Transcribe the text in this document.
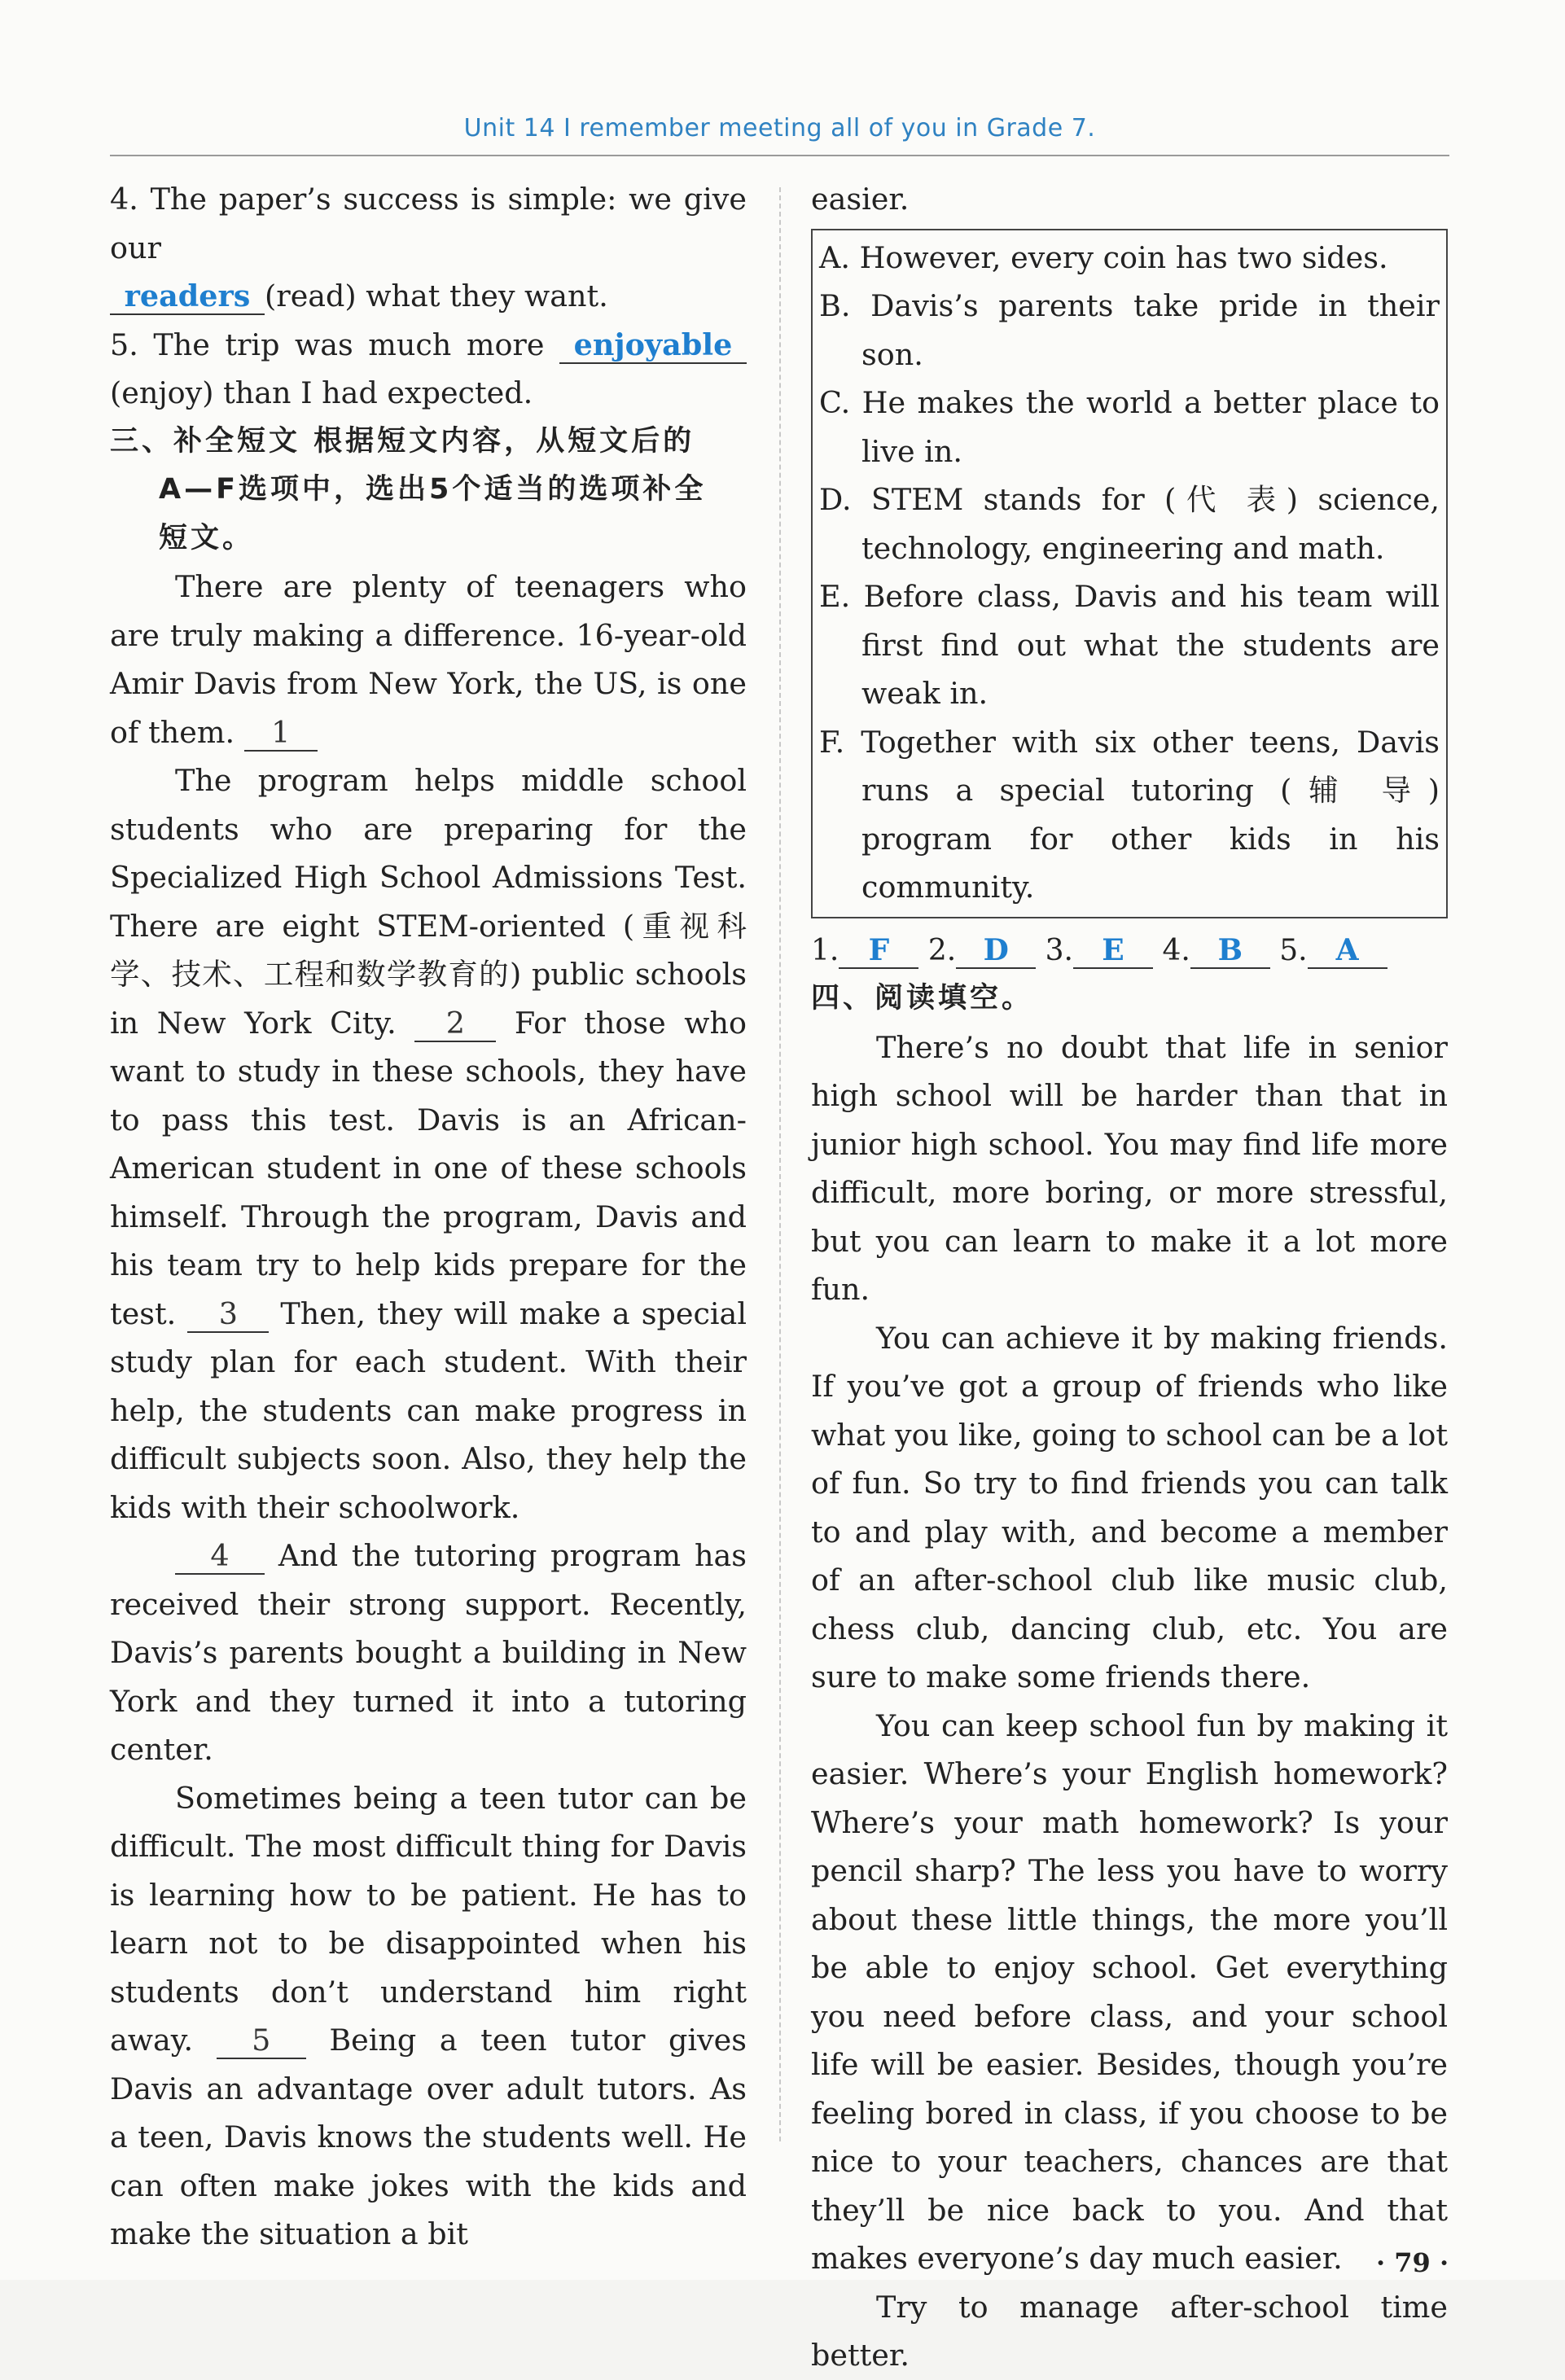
Unit 14 I remember meeting all of you in Grade 7.

4. The paper’s success is simple: we give our

readers (read) what they want.

5. The trip was much more enjoyable

(enjoy) than I had expected.

三、补全短文 根据短文内容，从短文后的
A—F选项中，选出5个适当的选项补全
短文。

There are plenty of teenagers who are truly making a difference. 16-year-old Amir Davis from New York, the US, is one of them. 1

The program helps middle school students who are preparing for the Specialized High School Admissions Test. There are eight STEM-oriented (重视科学、技术、工程和数学教育的) public schools in New York City. 2 For those who want to study in these schools, they have to pass this test. Davis is an African-American student in one of these schools himself. Through the program, Davis and his team try to help kids prepare for the test. 3 Then, they will make a special study plan for each student. With their help, the students can make progress in difficult subjects soon. Also, they help the kids with their schoolwork.

4 And the tutoring program has received their strong support. Recently, Davis’s parents bought a building in New York and they turned it into a tutoring center.

Sometimes being a teen tutor can be difficult. The most difficult thing for Davis is learning how to be patient. He has to learn not to be disappointed when his students don’t understand him right away. 5 Being a teen tutor gives Davis an advantage over adult tutors. As a teen, Davis knows the students well. He can often make jokes with the kids and make the situation a bit

easier.

A. However, every coin has two sides.

B. Davis’s parents take pride in their son.

C. He makes the world a better place to live in.

D. STEM stands for (代 表) science, technology, engineering and math.

E. Before class, Davis and his team will first find out what the students are weak in.

F. Together with six other teens, Davis runs a special tutoring (辅 导) program for other kids in his community.

1. F 2. D 3. E 4. B 5. A

四、阅读填空。

There’s no doubt that life in senior high school will be harder than that in junior high school. You may find life more difficult, more boring, or more stressful, but you can learn to make it a lot more fun.

You can achieve it by making friends. If you’ve got a group of friends who like what you like, going to school can be a lot of fun. So try to find friends you can talk to and play with, and become a member of an after-school club like music club, chess club, dancing club, etc. You are sure to make some friends there.

You can keep school fun by making it easier. Where’s your English homework? Where’s your math homework? Is your pencil sharp? The less you have to worry about these little things, the more you’ll be able to enjoy school. Get everything you need before class, and your school life will be easier. Besides, though you’re feeling bored in class, if you choose to be nice to your teachers, chances are that they’ll be nice back to you. And that makes everyone’s day much easier.

Try to manage after-school time better.

· 79 ·
